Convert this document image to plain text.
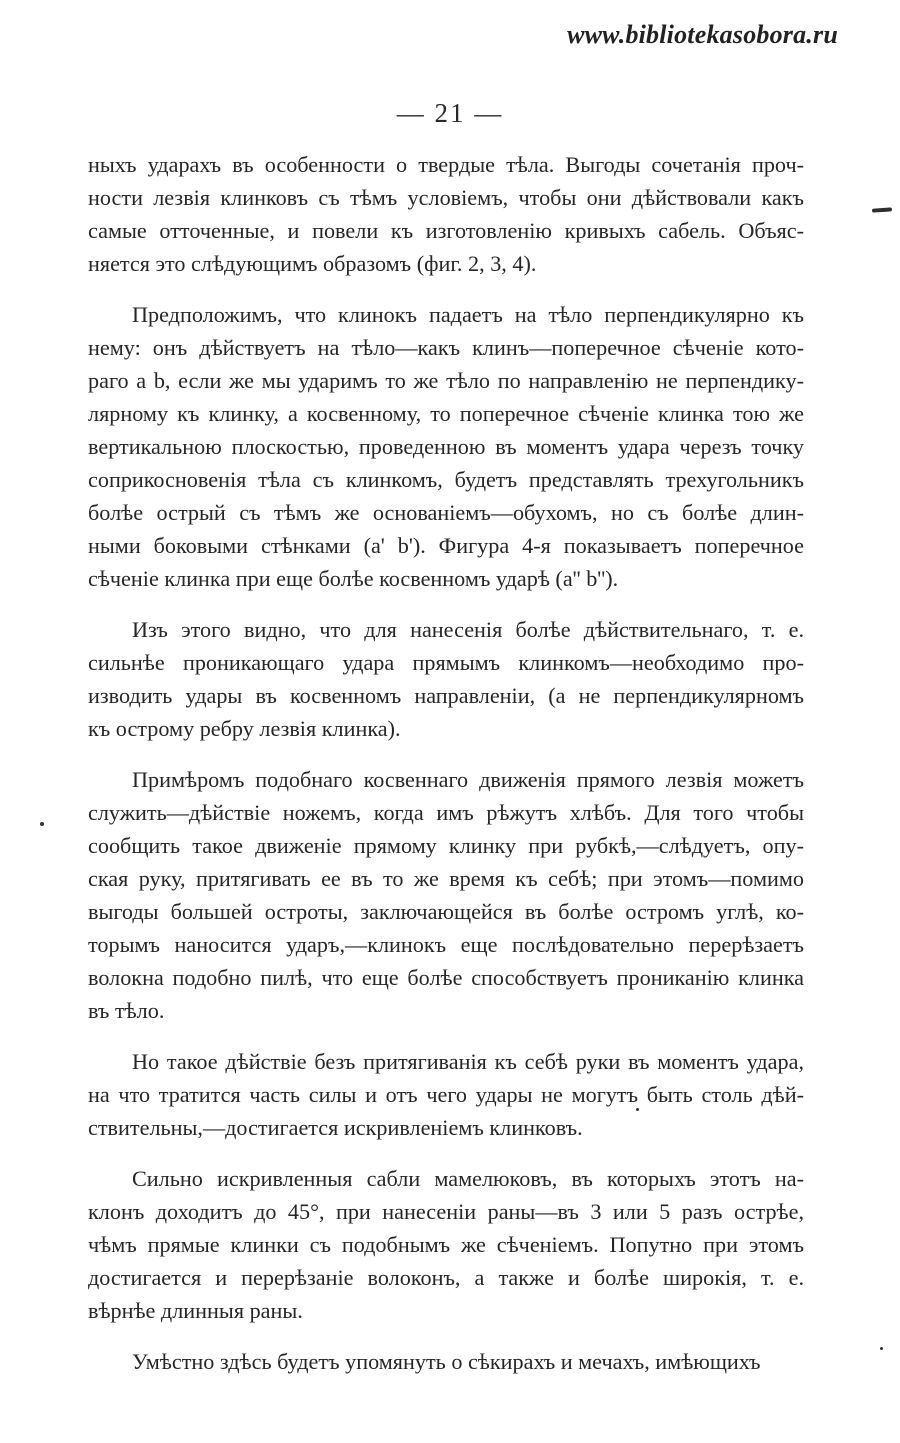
www.bibliotekasobora.ru
— 21 —
ныхъ ударахъ въ особенности о твердые тѣла. Выгоды сочетанія проч-
ности лезвія клинковъ съ тѣмъ условіемъ, чтобы они дѣйствовали какъ
самые отточенные, и повели къ изготовленію кривыхъ сабель. Объяс-
няется это слѣдующимъ образомъ (фиг. 2, 3, 4).
Предположимъ, что клинокъ падаетъ на тѣло перпендикулярно къ
нему: онъ дѣйствуетъ на тѣло—какъ клинъ—поперечное сѣченіе кото-
раго a b, если же мы ударимъ то же тѣло по направленію не перпендику-
лярному къ клинку, а косвенному, то поперечное сѣченіе клинка тою же
вертикальною плоскостью, проведенною въ моментъ удара черезъ точку
соприкосновенія тѣла съ клинкомъ, будетъ представлять трехугольникъ
болѣе острый съ тѣмъ же основаніемъ—обухомъ, но съ болѣе длин-
ными боковыми стѣнками (a' b'). Фигура 4-я показываетъ поперечное
сѣченіе клинка при еще болѣе косвенномъ ударѣ (a'' b'').
Изъ этого видно, что для нанесенія болѣе дѣйствительнаго, т. е.
сильнѣе проникающаго удара прямымъ клинкомъ—необходимо про-
изводить удары въ косвенномъ направленіи, (а не перпендикулярномъ
къ острому ребру лезвія клинка).
Примѣромъ подобнаго косвеннаго движенія прямого лезвія можетъ
служить—дѣйствіе ножемъ, когда имъ рѣжутъ хлѣбъ. Для того чтобы
сообщить такое движеніе прямому клинку при рубкѣ,—слѣдуетъ, опу-
ская руку, притягивать ее въ то же время къ себѣ; при этомъ—помимо
выгоды большей остроты, заключающейся въ болѣе остромъ углѣ, ко-
торымъ наносится ударъ,—клинокъ еще послѣдовательно перерѣзаетъ
волокна подобно пилѣ, что еще болѣе способствуетъ прониканію клинка
въ тѣло.
Но такое дѣйствіе безъ притягиванія къ себѣ руки въ моментъ удара,
на что тратится часть силы и отъ чего удары не могутъ быть столь дѣй-
ствительны,—достигается искривленіемъ клинковъ.
Сильно искривленныя сабли мамелюковъ, въ которыхъ этотъ на-
клонъ доходитъ до 45°, при нанесеніи раны—въ 3 или 5 разъ острѣе,
чѣмъ прямые клинки съ подобнымъ же сѣченіемъ. Попутно при этомъ
достигается и перерѣзаніе волоконъ, а также и болѣе широкія, т. е.
вѣрнѣе длинныя раны.
Умѣстно здѣсь будетъ упомянуть о сѣкирахъ и мечахъ, имѣющихъ
